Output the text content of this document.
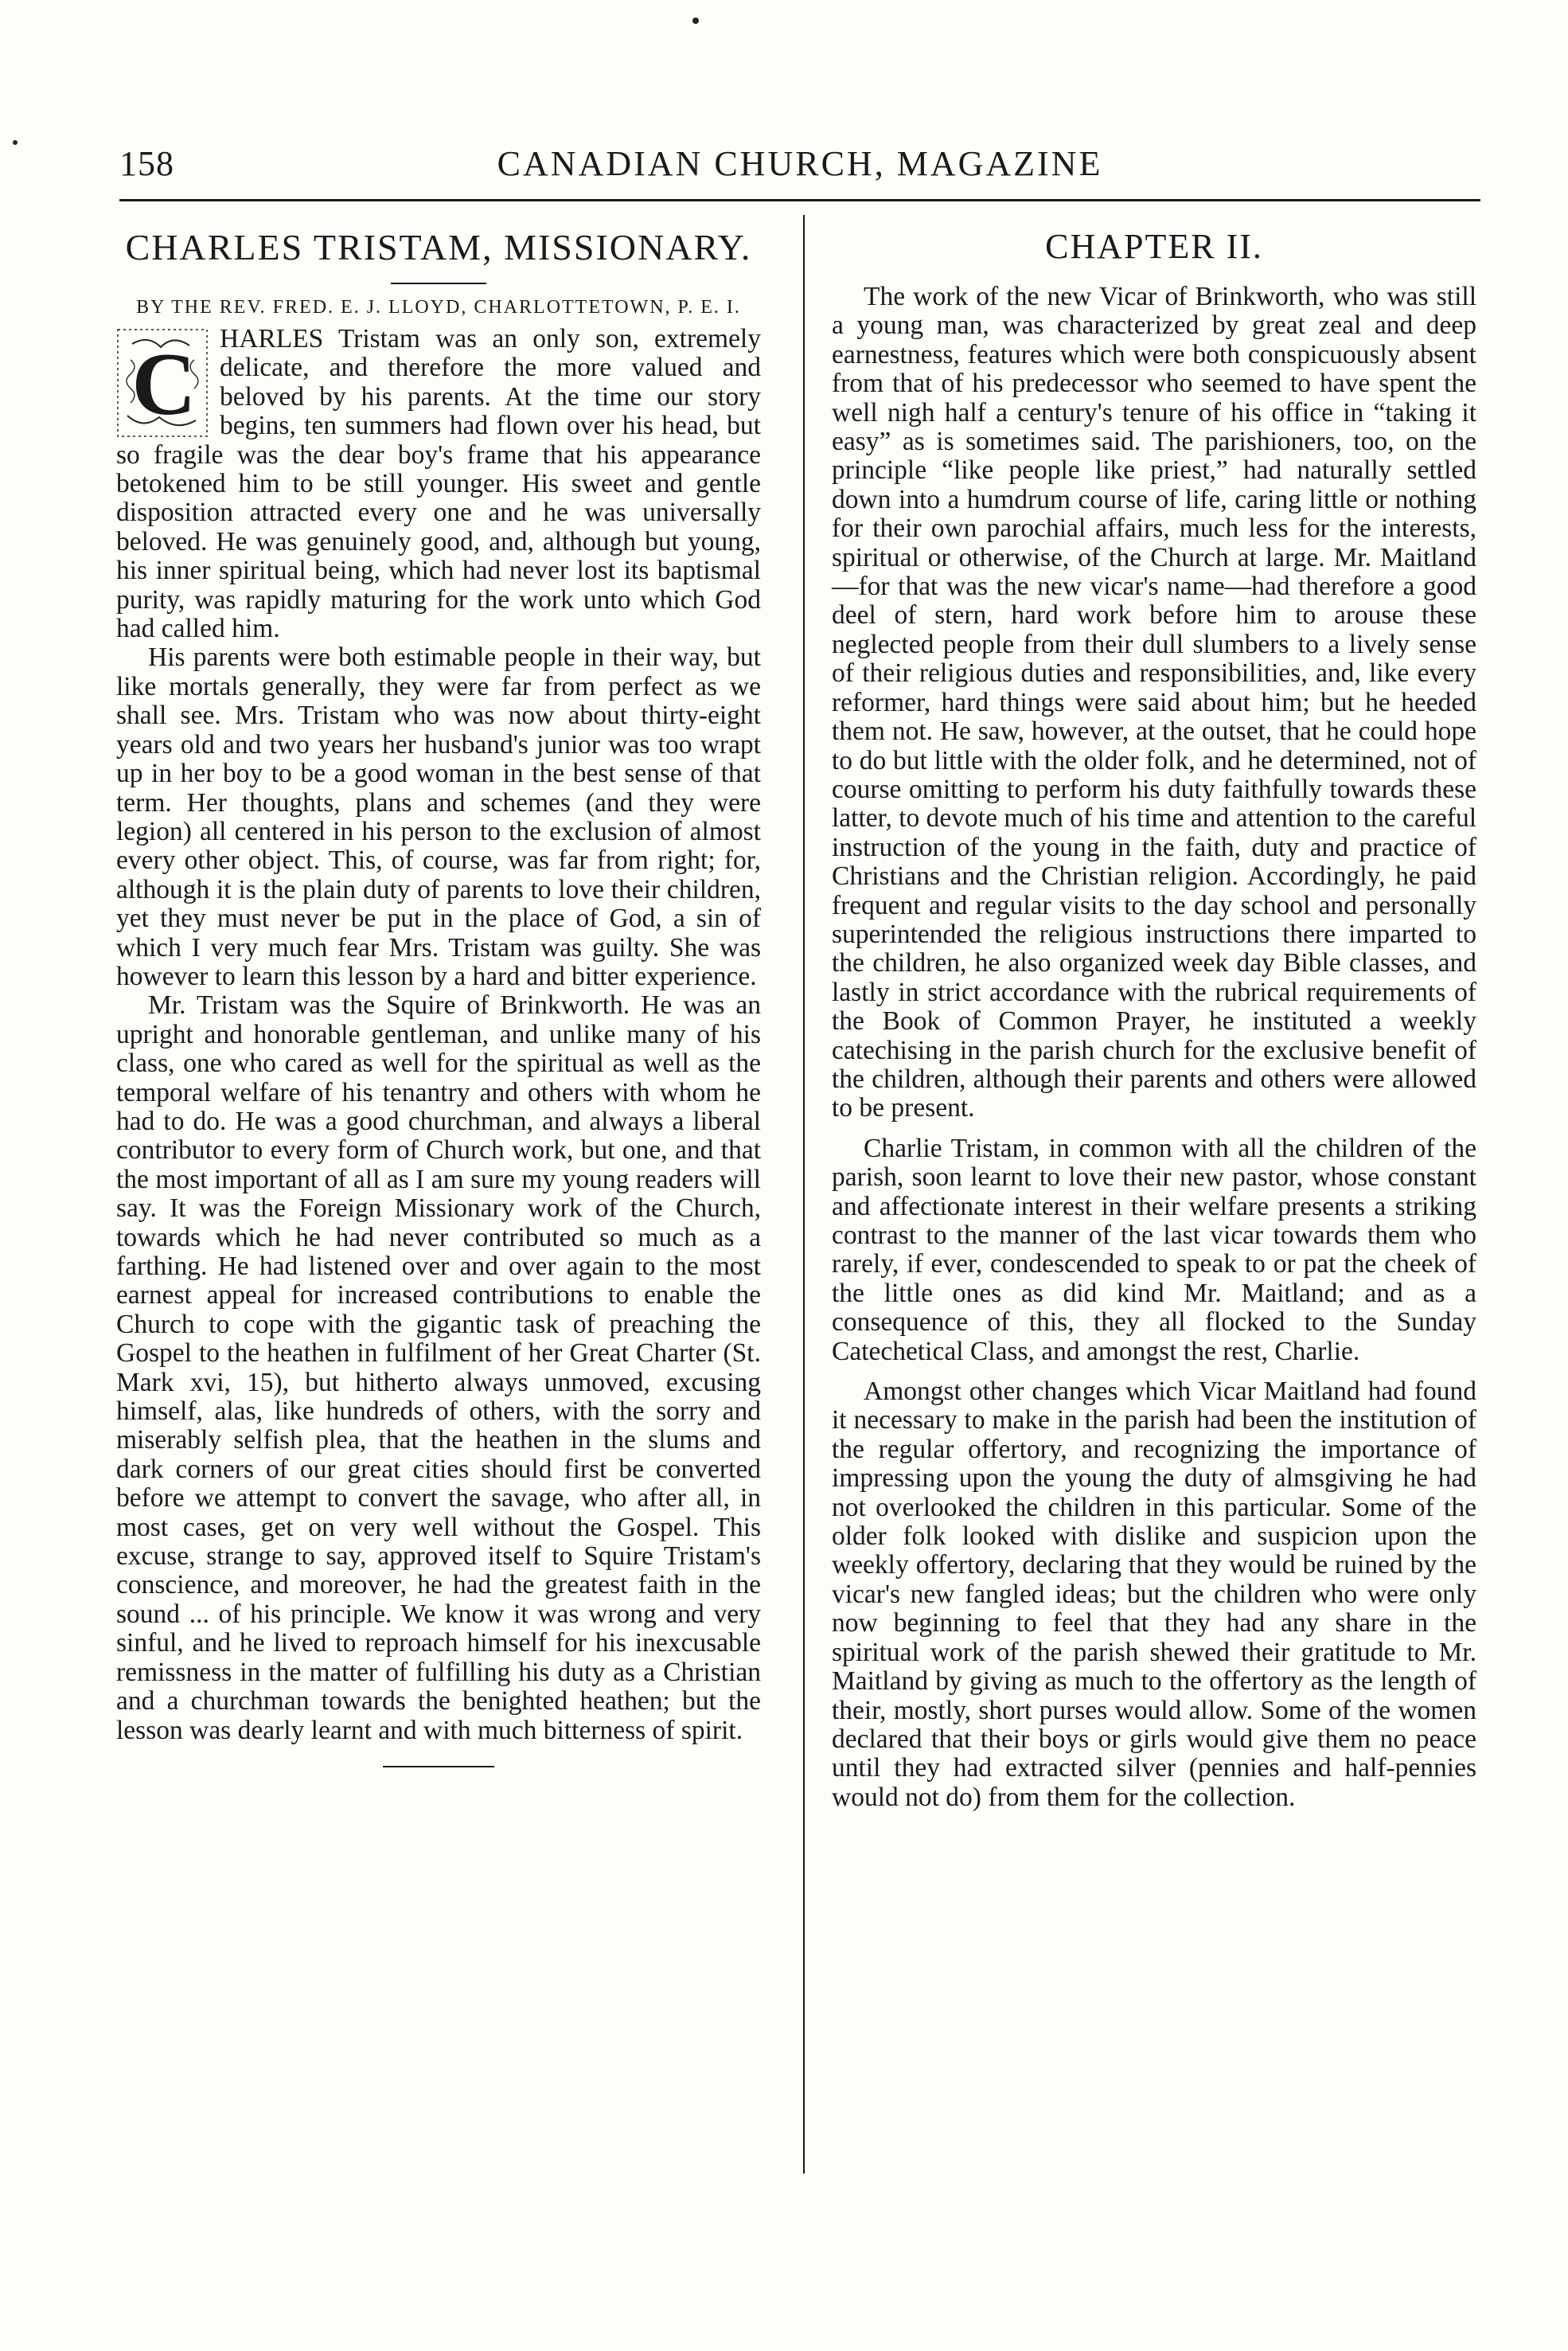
158	CANADIAN CHURCH, MAGAZINE
CHARLES TRISTAM, MISSIONARY.
BY THE REV. FRED. E. J. LLOYD, CHARLOTTETOWN, P. E. I.

C HARLES Tristam was an only son, extremely delicate, and therefore the more valued and beloved by his parents. At the time our story begins, ten summers had flown over his head, but so fragile was the dear boy's frame that his appearance betokened him to be still younger. His sweet and gentle disposition attracted every one and he was universally beloved. He was genuinely good, and, although but young, his inner spiritual being, which had never lost its baptismal purity, was rapidly maturing for the work unto which God had called him.

His parents were both estimable people in their way, but like mortals generally, they were far from perfect as we shall see. Mrs. Tristam who was now about thirty-eight years old and two years her husband's junior was too wrapt up in her boy to be a good woman in the best sense of that term. Her thoughts, plans and schemes (and they were legion) all centered in his person to the exclusion of almost every other object. This, of course, was far from right; for, although it is the plain duty of parents to love their children, yet they must never be put in the place of God, a sin of which I very much fear Mrs. Tristam was guilty. She was however to learn this lesson by a hard and bitter experience.

Mr. Tristam was the Squire of Brinkworth. He was an upright and honorable gentleman, and unlike many of his class, one who cared as well for the spiritual as well as the temporal welfare of his tenantry and others with whom he had to do. He was a good churchman, and always a liberal contributor to every form of Church work, but one, and that the most important of all as I am sure my young readers will say. It was the Foreign Missionary work of the Church, towards which he had never contributed so much as a farthing. He had listened over and over again to the most earnest appeal for increased contributions to enable the Church to cope with the gigantic task of preaching the Gospel to the heathen in fulfilment of her Great Charter (St. Mark xvi, 15), but hitherto always unmoved, excusing himself, alas, like hundreds of others, with the sorry and miserably selfish plea, that the heathen in the slums and dark corners of our great cities should first be converted before we attempt to convert the savage, who after all, in most cases, get on very well without the Gospel. This excuse, strange to say, approved itself to Squire Tristam's conscience, and moreover, he had the greatest faith in the sound ... of his principle. We know it was wrong and very sinful, and he lived to reproach himself for his inexcusable remissness in the matter of fulfilling his duty as a Christian and a churchman towards the benighted heathen; but the lesson was dearly learnt and with much bitterness of spirit.

CHAPTER II.

The work of the new Vicar of Brinkworth, who was still a young man, was characterized by great zeal and deep earnestness, features which were both conspicuously absent from that of his predecessor who seemed to have spent the well nigh half a century's tenure of his office in “taking it easy” as is sometimes said. The parishioners, too, on the principle “like people like priest,” had naturally settled down into a humdrum course of life, caring little or nothing for their own parochial affairs, much less for the interests, spiritual or otherwise, of the Church at large. Mr. Maitland—for that was the new vicar's name—had therefore a good deel of stern, hard work before him to arouse these neglected people from their dull slumbers to a lively sense of their religious duties and responsibilities, and, like every reformer, hard things were said about him; but he heeded them not. He saw, however, at the outset, that he could hope to do but little with the older folk, and he determined, not of course omitting to perform his duty faithfully towards these latter, to devote much of his time and attention to the careful instruction of the young in the faith, duty and practice of Christians and the Christian religion. Accordingly, he paid frequent and regular visits to the day school and personally superintended the religious instructions there imparted to the children, he also organized week day Bible classes, and lastly in strict accordance with the rubrical requirements of the Book of Common Prayer, he instituted a weekly catechising in the parish church for the exclusive benefit of the children, although their parents and others were allowed to be present.

Charlie Tristam, in common with all the children of the parish, soon learnt to love their new pastor, whose constant and affectionate interest in their welfare presents a striking contrast to the manner of the last vicar towards them who rarely, if ever, condescended to speak to or pat the cheek of the little ones as did kind Mr. Maitland; and as a consequence of this, they all flocked to the Sunday Catechetical Class, and amongst the rest, Charlie.

Amongst other changes which Vicar Maitland had found it necessary to make in the parish had been the institution of the regular offertory, and recognizing the importance of impressing upon the young the duty of almsgiving he had not overlooked the children in this particular. Some of the older folk looked with dislike and suspicion upon the weekly offertory, declaring that they would be ruined by the vicar's new fangled ideas; but the children who were only now beginning to feel that they had any share in the spiritual work of the parish shewed their gratitude to Mr. Maitland by giving as much to the offertory as the length of their, mostly, short purses would allow. Some of the women declared that their boys or girls would give them no peace until they had extracted silver (pennies and half-pennies would not do) from them for the collection.
